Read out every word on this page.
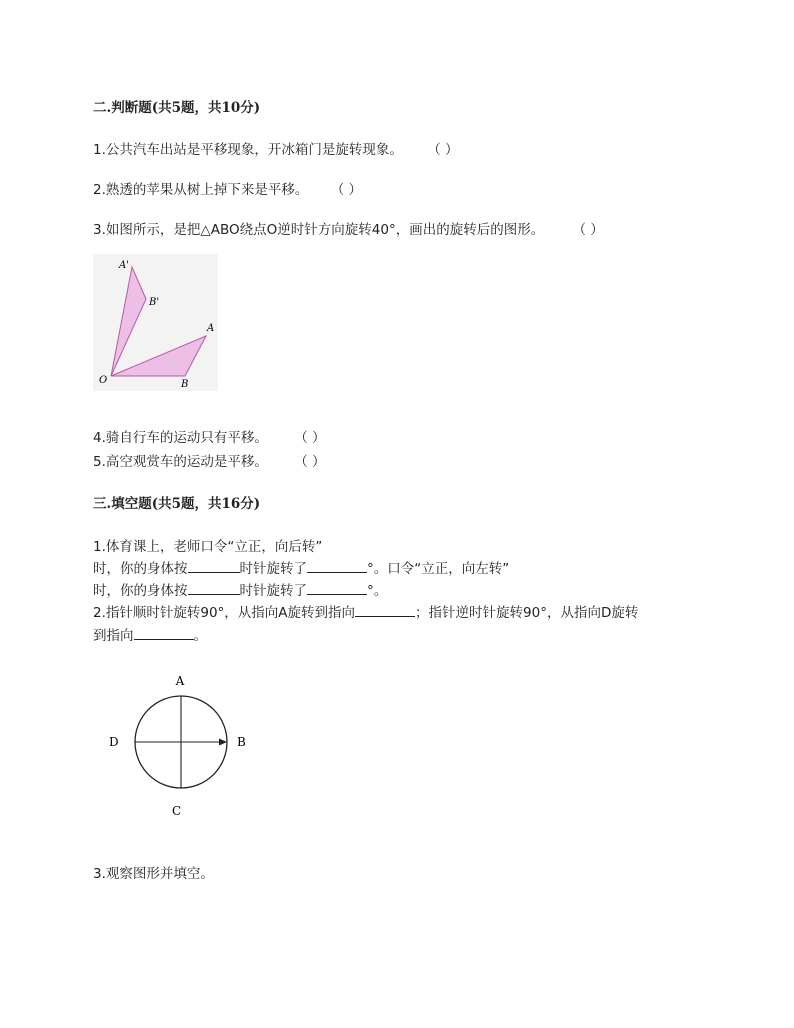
二.判断题(共5题，共10分)
1.公共汽车出站是平移现象，开冰箱门是旋转现象。 （ ）
2.熟透的苹果从树上掉下来是平移。 （ ）
3.如图所示，是把△ABO绕点O逆时针方向旋转40°，画出的旋转后的图形。 （ ）
A'
B'
A
B
O
4.骑自行车的运动只有平移。 （ ）
5.高空观赏车的运动是平移。 （ ）
三.填空题(共5题，共16分)
1.体育课上，老师口令“立正，向后转”
时，你的身体按	时针旋转了	°。口令“立正，向左转”
时，你的身体按	时针旋转了	°。
2.指针顺时针旋转90°，从指向A旋转到指向	；指针逆时针旋转90°，从指向D旋转
到指向	。
A
B
C
D
3.观察图形并填空。
